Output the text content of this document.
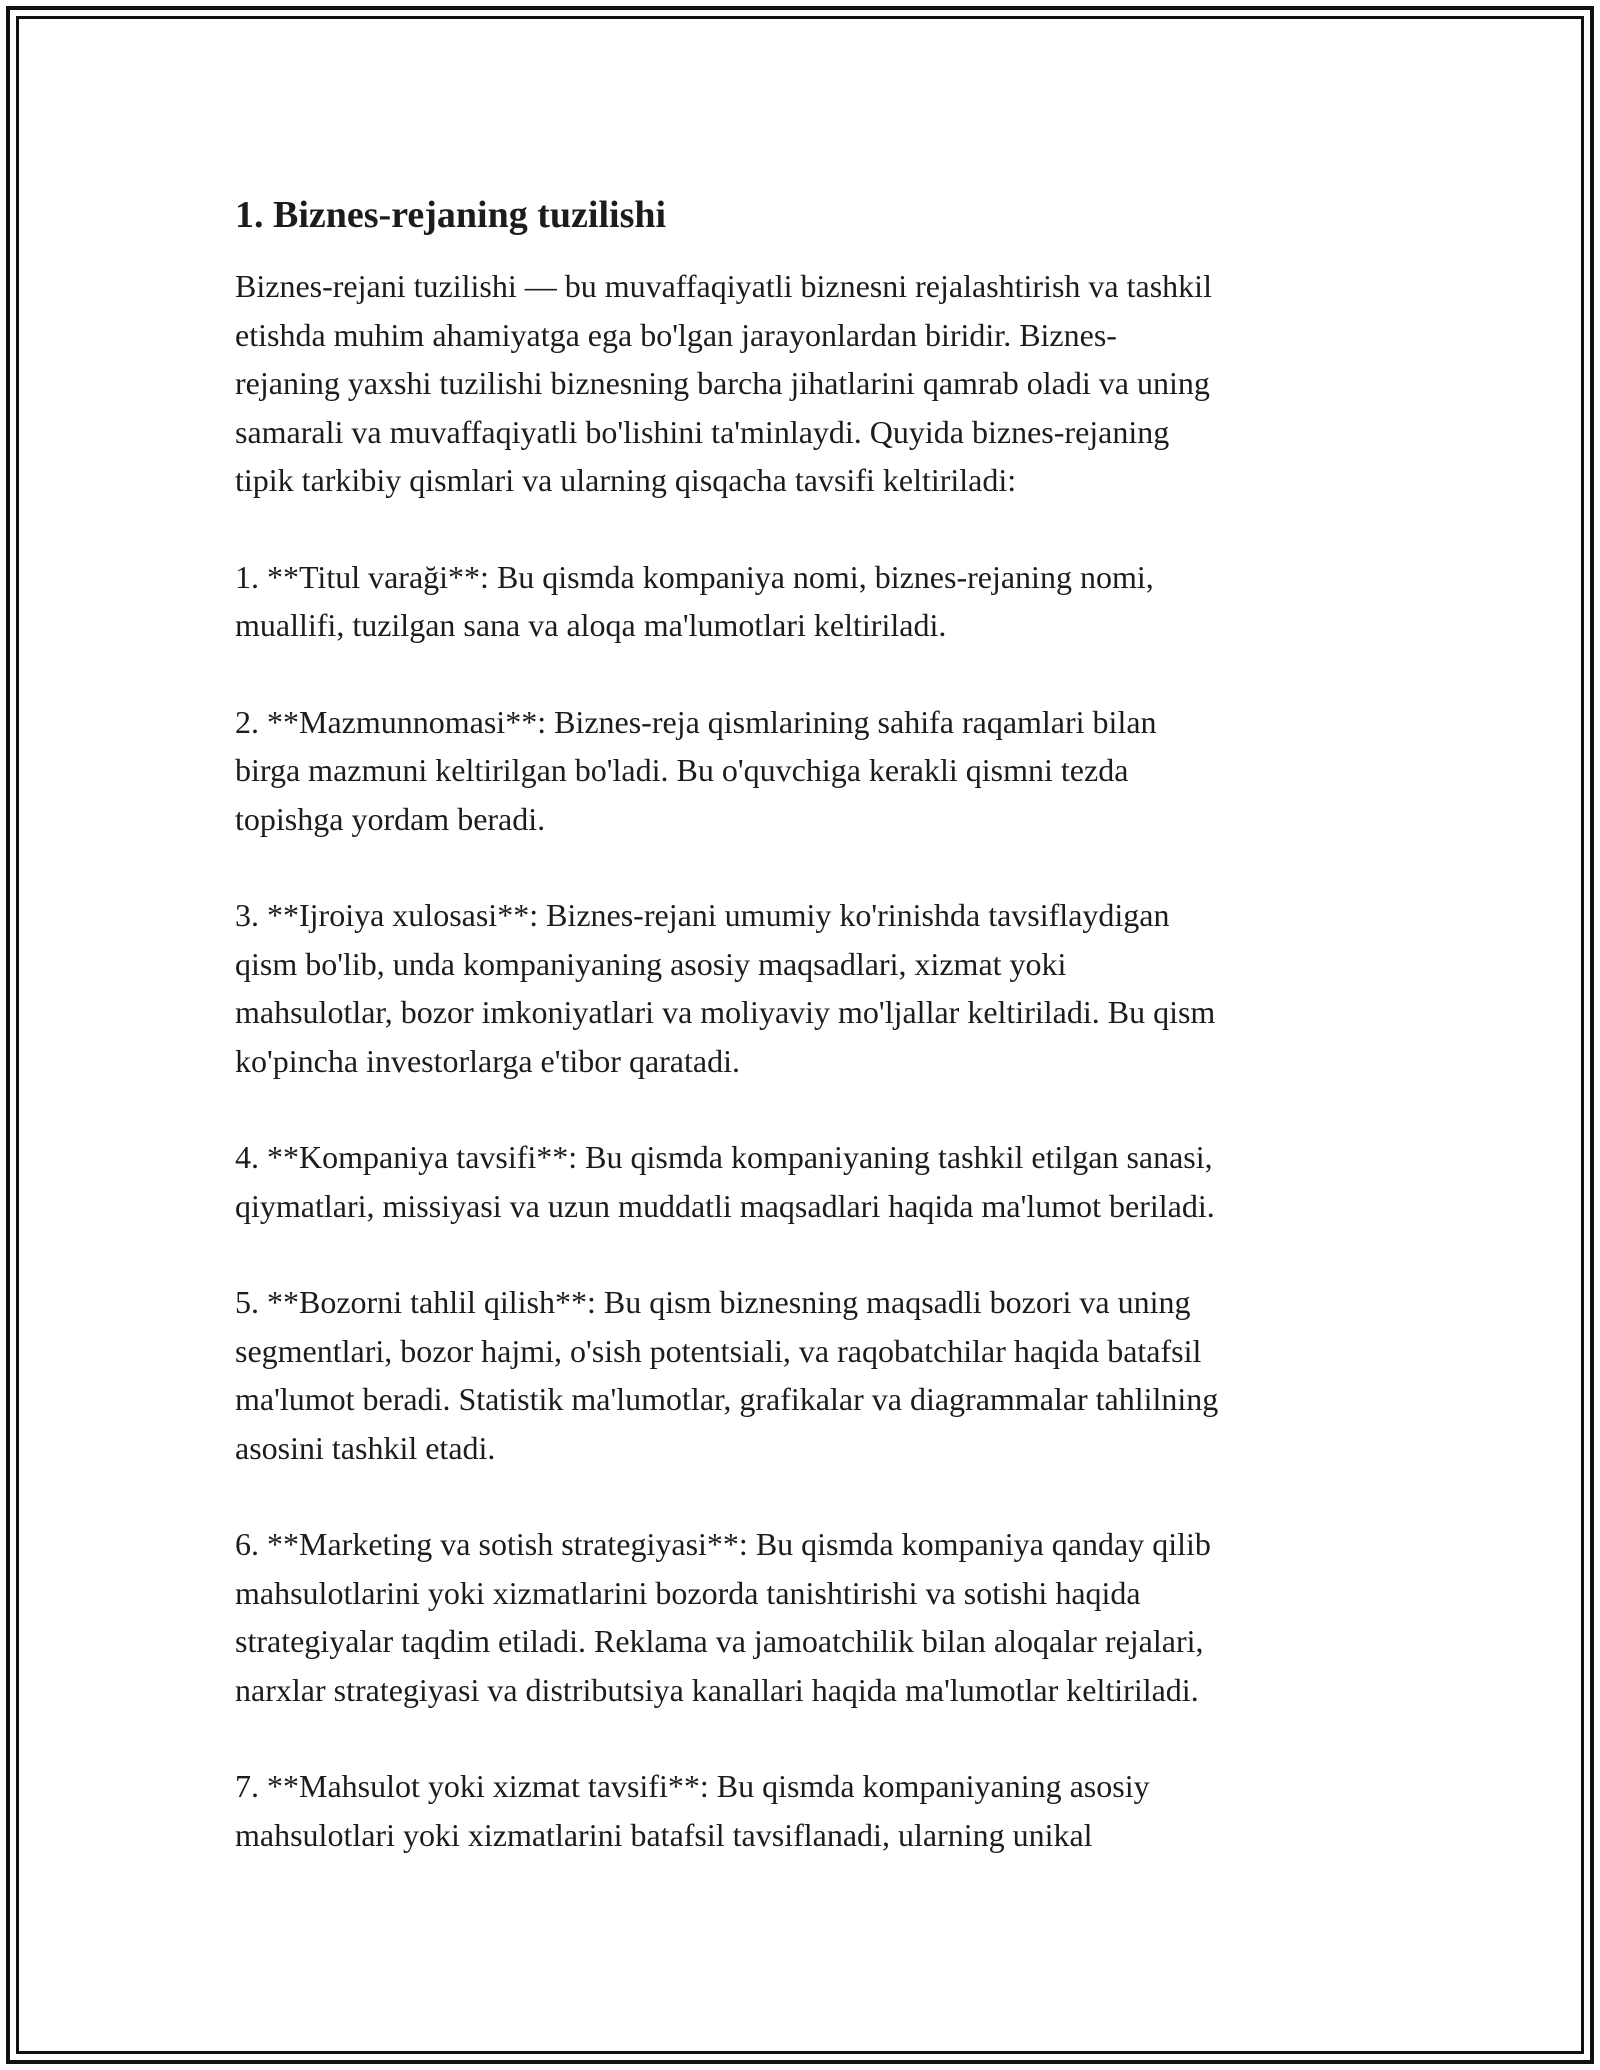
1. Biznes-rejaning tuzilishi

Biznes-rejani tuzilishi — bu muvaffaqiyatli biznesni rejalashtirish va tashkil
etishda muhim ahamiyatga ega bo'lgan jarayonlardan biridir. Biznes-
rejaning yaxshi tuzilishi biznesning barcha jihatlarini qamrab oladi va uning
samarali va muvaffaqiyatli bo'lishini ta'minlaydi. Quyida biznes-rejaning
tipik tarkibiy qismlari va ularning qisqacha tavsifi keltiriladi:

1. **Titul varaği**: Bu qismda kompaniya nomi, biznes-rejaning nomi,
muallifi, tuzilgan sana va aloqa ma'lumotlari keltiriladi.

2. **Mazmunnomasi**: Biznes-reja qismlarining sahifa raqamlari bilan
birga mazmuni keltirilgan bo'ladi. Bu o'quvchiga kerakli qismni tezda
topishga yordam beradi.

3. **Ijroiya xulosasi**: Biznes-rejani umumiy ko'rinishda tavsiflaydigan
qism bo'lib, unda kompaniyaning asosiy maqsadlari, xizmat yoki
mahsulotlar, bozor imkoniyatlari va moliyaviy mo'ljallar keltiriladi. Bu qism
ko'pincha investorlarga e'tibor qaratadi.

4. **Kompaniya tavsifi**: Bu qismda kompaniyaning tashkil etilgan sanasi,
qiymatlari, missiyasi va uzun muddatli maqsadlari haqida ma'lumot beriladi.

5. **Bozorni tahlil qilish**: Bu qism biznesning maqsadli bozori va uning
segmentlari, bozor hajmi, o'sish potentsiali, va raqobatchilar haqida batafsil
ma'lumot beradi. Statistik ma'lumotlar, grafikalar va diagrammalar tahlilning
asosini tashkil etadi.

6. **Marketing va sotish strategiyasi**: Bu qismda kompaniya qanday qilib
mahsulotlarini yoki xizmatlarini bozorda tanishtirishi va sotishi haqida
strategiyalar taqdim etiladi. Reklama va jamoatchilik bilan aloqalar rejalari,
narxlar strategiyasi va distributsiya kanallari haqida ma'lumotlar keltiriladi.

7. **Mahsulot yoki xizmat tavsifi**: Bu qismda kompaniyaning asosiy
mahsulotlari yoki xizmatlarini batafsil tavsiflanadi, ularning unikal
